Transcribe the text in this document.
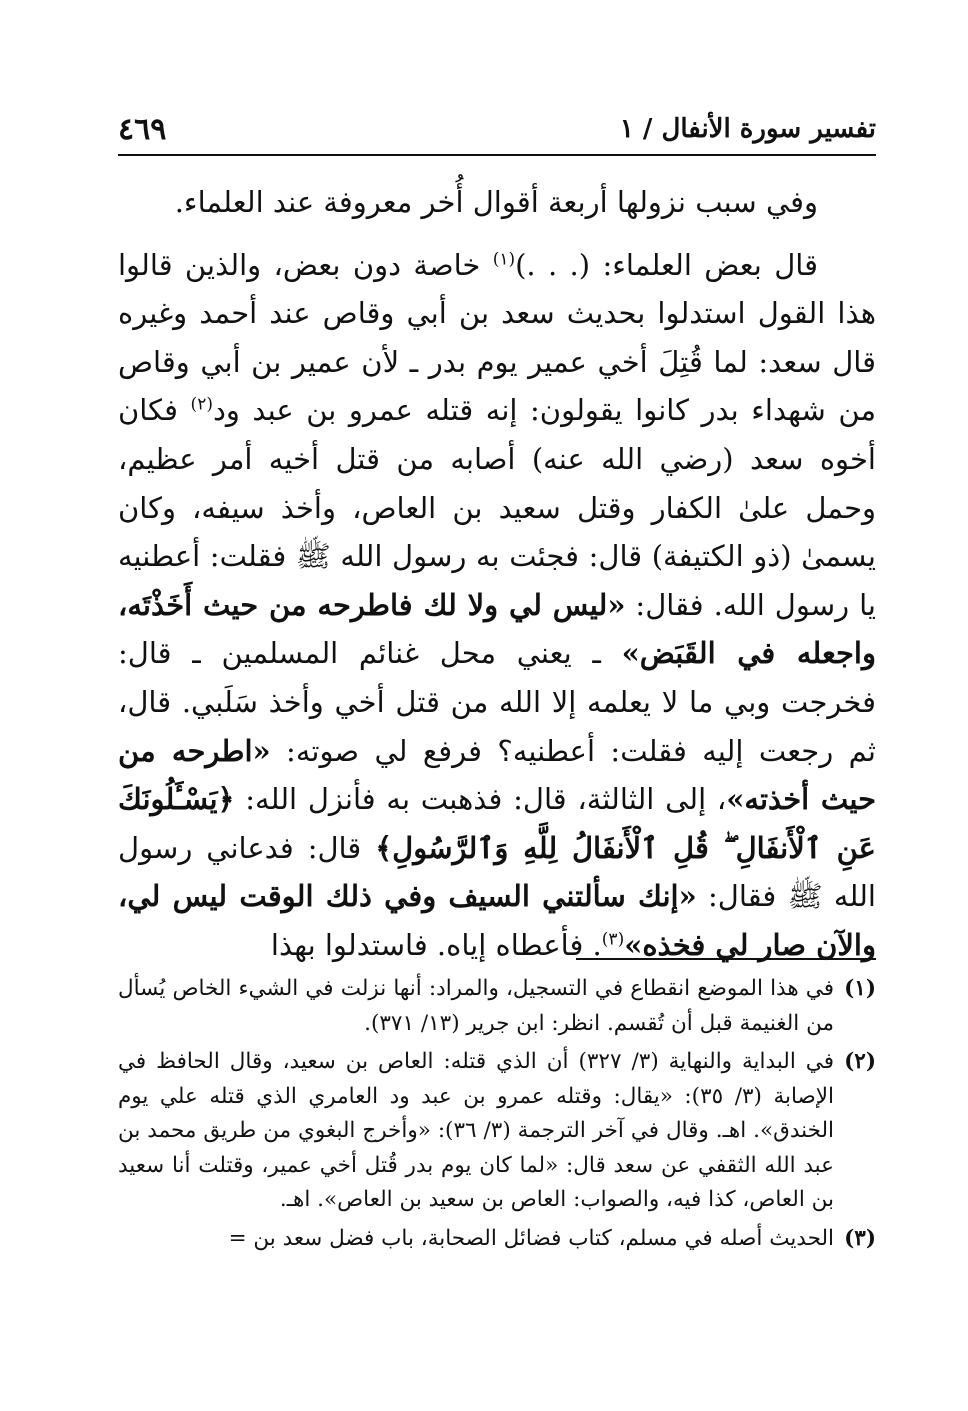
تفسير سورة الأنفال / ١
٤٦٩

وفي سبب نزولها أربعة أقوال أُخر معروفة عند العلماء.

قال بعض العلماء: (. . .)$^{(١)}$ خاصة دون بعض، والذين قالوا هذا القول استدلوا بحديث سعد بن أبي وقاص عند أحمد وغيره قال سعد: لما قُتِلَ أخي عمير يوم بدر ـ لأن عمير بن أبي وقاص من شهداء بدر كانوا يقولون: إنه قتله عمرو بن عبد ود$^{(٢)}$ فكان أخوه سعد (رضي الله عنه) أصابه من قتل أخيه أمر عظيم، وحمل علىٰ الكفار وقتل سعيد بن العاص، وأخذ سيفه، وكان يسمىٰ (ذو الكتيفة) قال: فجئت به رسول الله ﷺ فقلت: أعطنيه يا رسول الله. فقال: «ليس لي ولا لك فاطرحه من حيث أَخَذْتَه، واجعله في القَبَض» ـ يعني محل غنائم المسلمين ـ قال: فخرجت وبي ما لا يعلمه إلا الله من قتل أخي وأخذ سَلَبي. قال، ثم رجعت إليه فقلت: أعطنيه؟ فرفع لي صوته: «اطرحه من حيث أخذته»، إلى الثالثة، قال: فذهبت به فأنزل الله: ﴿يَسْـَٔلُونَكَ عَنِ ٱلْأَنفَالِ ۖ قُلِ ٱلْأَنفَالُ لِلَّهِ وَٱلرَّسُولِ﴾ قال: فدعاني رسول الله ﷺ فقال: «إنك سألتني السيف وفي ذلك الوقت ليس لي، والآن صار لي فخذه»$^{(٣)}$. فأعطاه إياه. فاستدلوا بهذا

(١)
في هذا الموضع انقطاع في التسجيل، والمراد: أنها نزلت في الشيء الخاص يُسأل من الغنيمة قبل أن تُقسم. انظر: ابن جرير (١٣/ ٣٧١).

(٢)
في البداية والنهاية (٣/ ٣٢٧) أن الذي قتله: العاص بن سعيد، وقال الحافظ في الإصابة (٣/ ٣٥): «يقال: وقتله عمرو بن عبد ود العامري الذي قتله علي يوم الخندق». اهـ. وقال في آخر الترجمة (٣/ ٣٦): «وأخرج البغوي من طريق محمد بن عبد الله الثقفي عن سعد قال: «لما كان يوم بدر قُتل أخي عمير، وقتلت أنا سعيد بن العاص، كذا فيه، والصواب: العاص بن سعيد بن العاص». اهـ.

(٣)
الحديث أصله في مسلم، كتاب فضائل الصحابة، باب فضل سعد بن =
